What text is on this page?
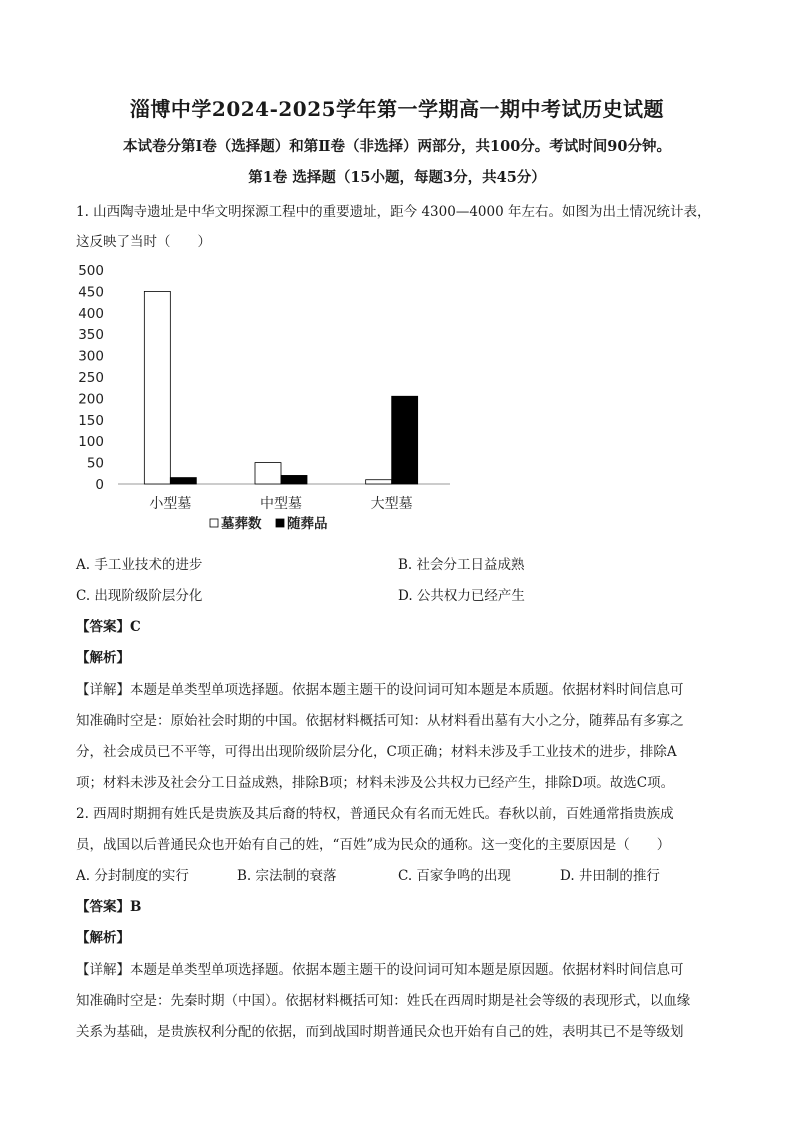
淄博中学2024-2025学年第一学期高一期中考试历史试题
本试卷分第Ⅰ卷（选择题）和第Ⅱ卷（非选择）两部分，共100分。考试时间90分钟。
第1卷 选择题（15小题，每题3分，共45分）
1. 山西陶寺遗址是中华文明探源工程中的重要遗址，距今 4300—4000 年左右。如图为出土情况统计表，
这反映了当时（　　）
0
50
100
150
200
250
300
350
400
450
500
小型墓	中型墓	大型墓
墓葬数 随葬品
A. 手工业技术的进步	B. 社会分工日益成熟
C. 出现阶级阶层分化	D. 公共权力已经产生
【答案】C
【解析】
【详解】本题是单类型单项选择题。依据本题主题干的设问词可知本题是本质题。依据材料时间信息可
知准确时空是：原始社会时期的中国。依据材料概括可知：从材料看出墓有大小之分，随葬品有多寡之
分，社会成员已不平等，可得出出现阶级阶层分化，C项正确；材料未涉及手工业技术的进步，排除A
项；材料未涉及社会分工日益成熟，排除B项；材料未涉及公共权力已经产生，排除D项。故选C项。
2. 西周时期拥有姓氏是贵族及其后裔的特权，普通民众有名而无姓氏。春秋以前，百姓通常指贵族成
员，战国以后普通民众也开始有自己的姓，“百姓”成为民众的通称。这一变化的主要原因是（　　）
A. 分封制度的实行	B. 宗法制的衰落	C. 百家争鸣的出现	D. 井田制的推行
【答案】B
【解析】
【详解】本题是单类型单项选择题。依据本题主题干的设问词可知本题是原因题。依据材料时间信息可
知准确时空是：先秦时期（中国）。依据材料概括可知：姓氏在西周时期是社会等级的表现形式，以血缘
关系为基础，是贵族权利分配的依据，而到战国时期普通民众也开始有自己的姓，表明其已不是等级划
